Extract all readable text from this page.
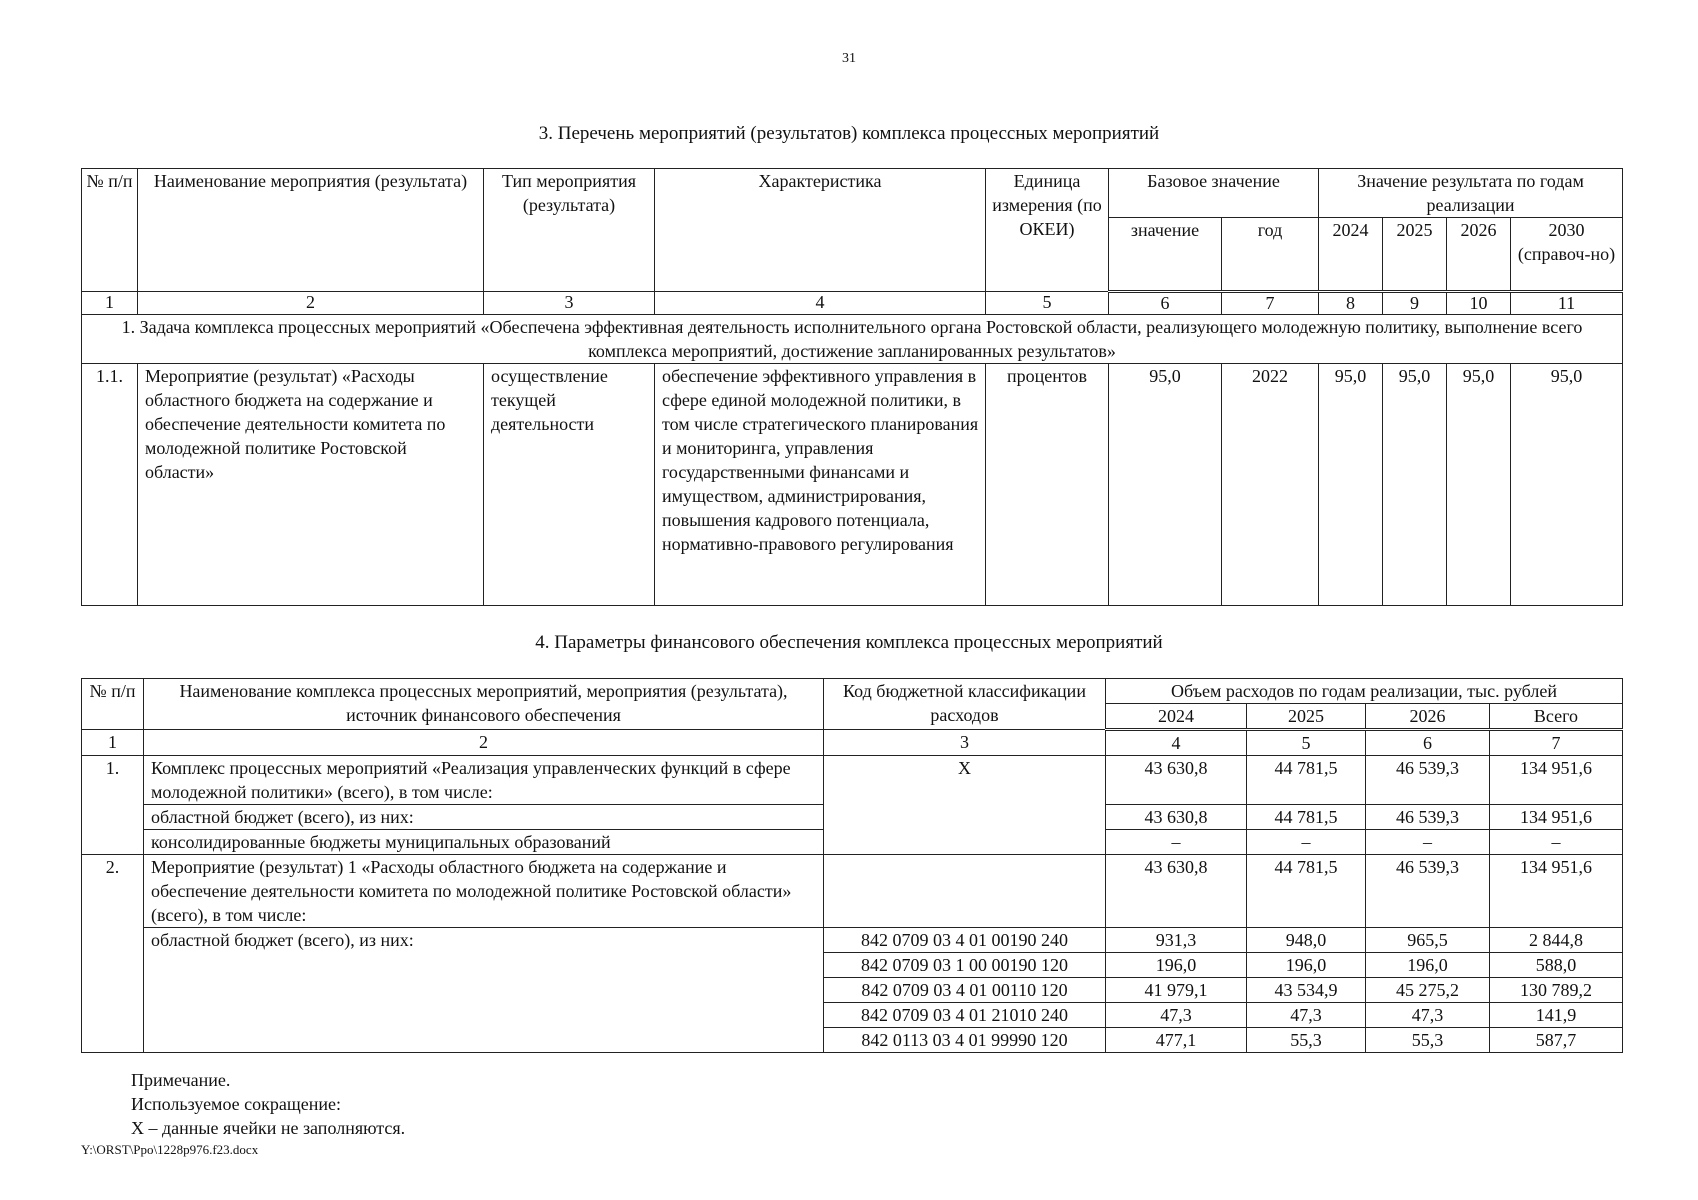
31
3. Перечень мероприятий (результатов) комплекса процессных мероприятий
№ п/п	Наименование мероприятия (результата)	Тип мероприятия (результата)	Характеристика	Единица измерения (по ОКЕИ)	Базовое значение		Значение результата по годам реализации			
					значение	год	2024	2025	2026	2030 (справоч-но)
1	2	3	4	5	6	7	8	9	10	11
1. Задача комплекса процессных мероприятий «Обеспечена эффективная деятельность исполнительного органа Ростовской области, реализующего молодежную политику, выполнение всего комплекса мероприятий, достижение запланированных результатов»										
1.1.	Мероприятие (результат) «Расходы областного бюджета на содержание и обеспечение деятельности комитета по молодежной политике Ростовской области»	осуществление текущей деятельности	обеспечение эффективного управления в сфере единой молодежной политики, в том числе стратегического планирования и мониторинга, управления государственными финансами и имуществом, администрирования, повышения кадрового потенциала, нормативно-правового регулирования	процентов	95,0	2022	95,0	95,0	95,0	95,0
4. Параметры финансового обеспечения комплекса процессных мероприятий
№ п/п	Наименование комплекса процессных мероприятий, мероприятия (результата), источник финансового обеспечения	Код бюджетной классификации расходов	Объем расходов по годам реализации, тыс. рублей			
			2024	2025	2026	Всего
1	2	3	4	5	6	7
1.	Комплекс процессных мероприятий «Реализация управленческих функций в сфере молодежной политики» (всего), в том числе:	X	43 630,8	44 781,5	46 539,3	134 951,6
	областной бюджет (всего), из них:		43 630,8	44 781,5	46 539,3	134 951,6
	консолидированные бюджеты муниципальных образований		–	–	–	–
2.	Мероприятие (результат) 1 «Расходы областного бюджета на содержание и обеспечение деятельности комитета по молодежной политике Ростовской области» (всего), в том числе:		43 630,8	44 781,5	46 539,3	134 951,6
	областной бюджет (всего), из них:	842 0709 03 4 01 00190 240	931,3	948,0	965,5	2 844,8
		842 0709 03 1 00 00190 120	196,0	196,0	196,0	588,0
		842 0709 03 4 01 00110 120	41 979,1	43 534,9	45 275,2	130 789,2
		842 0709 03 4 01 21010 240	47,3	47,3	47,3	141,9
		842 0113 03 4 01 99990 120	477,1	55,3	55,3	587,7
Примечание.
Используемое сокращение:
X – данные ячейки не заполняются.
Y:\ORST\Ppo\1228p976.f23.docx
